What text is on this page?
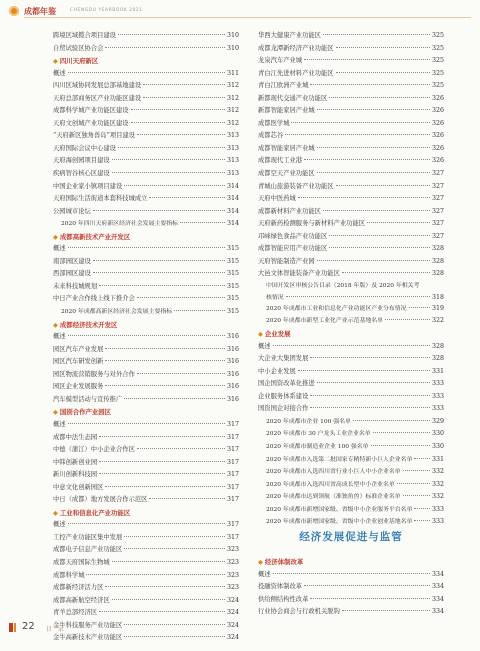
成都年鉴	CHENGDU YEARBOOK 2021
跨境区域揽合项目建设	310
自贸试验区协合会	310
◆ 四川天府新区
概述	311
四川区域协同发展总部基地建设	312
天府总部商务区产业功能区建设	312
成都科学城产业功能区建设	312
天府文创城产业功能区建设	312
“天府新区独角兽岛”项目建设	313
天府国际会议中心建设	313
天府海创园项目建设	313
疾病智谷核心区建设	313
中国企业家小镇项目建设	314
天府国际生活街道本套科技城成立	314
公园城市论坛	314
2020 年四川天府新区经济社会发展主要指标	314
◆ 成都高新技术产业开发区
概述	315
南部园区建设	315
西部园区建设	315
未来科技城规划	315
中日产业合作线上线下推介会	315
2020 年成都高新区经济社会发展主要指标	315
◆ 成都经济技术开发区
概述	316
园区汽车产业发展	316
园区汽车研发创新	316
园区物流营销服务与对外合作	316
园区企业发展服务	316
汽车模型活动与宣传推广	316
◆ 国别合作产业园区
概述	317
成都中法生态园	317
中德（蒲江）中小企业合作区	317
中韩创新创业园	317
新川创新科技园	317
中意文化创新园区	317
中日（成都）地方发展合作示范区	317
◆ 工业和信息化产业功能区
概述	317
工控产业功能区集中发展	317
成都电子信息产业功能区	323
成都天府国际生物城	323
成都科学城	323
成都新经济活力区	323
成都高新航空经济区	324
青羊总部经济区	324
金牛科技服务产业功能区	324
金牛高新技术产业功能区	324
华西大健康产业功能区	325
成都龙潭新经济产业功能区	325
龙泉汽车产业城	325
青白江先进材料产业功能区	325
青白江欧洲产业城	325
新都现代交通产业功能区	326
新都智能家居产业城	326
成都医学城	326
成都芯谷	326
成都智能家居产业城	326
成都现代工业港	326
成都空天产业功能区	327
青城山旅游装备产业功能区	327
天府中医药城	327
成都新材料产业功能区	327
天府新药检测服务与新材料产业功能区	327
邛崃绿色食品产业功能区	327
成都智能应用产业功能区	328
天府智能制造产业园	328
大邑文体智能装备产业功能区	328
中国开发区审核公告目录（2018 年版）及 2020 年相关考
核情况	318
2020 年成都市工业和信息化产业功能区产业分布情况	319
2020 年成都市新型工业化产业示范基地名单	322
◆ 企业发展
概述	328
大企业大集团发展	328
中小企业发展	331
国企国资改革化推进	333
企业服务体系建设	333
国资国企对接合作	333
2020 年成都市企业 100 强名单	329
2020 年成都市 30 户龙头工业企业名单	330
2020 年成都市制造业企业 100 强名单	330
2020 年成都市入选第二批国家专精特新小巨人企业名单	331
2020 年成都市入选四川省行业小巨人中小企业名单	332
2020 年成都市入选四川省高成长型中小企业名单	332
2020 年成都市达到领航（准独角兽）标准企业名单	332
2020 年成都市新增国家级、省级中小企业服务平台名单	333
2020 年成都市新增国家级、省级中小企业创业基地名单	333
经济发展促进与监管
◆ 经济体制改革
概述	334
投融资体制改革	334
供给侧结构性改革	334
行业协会商会与行政机关脱钩	334
22 目 录
